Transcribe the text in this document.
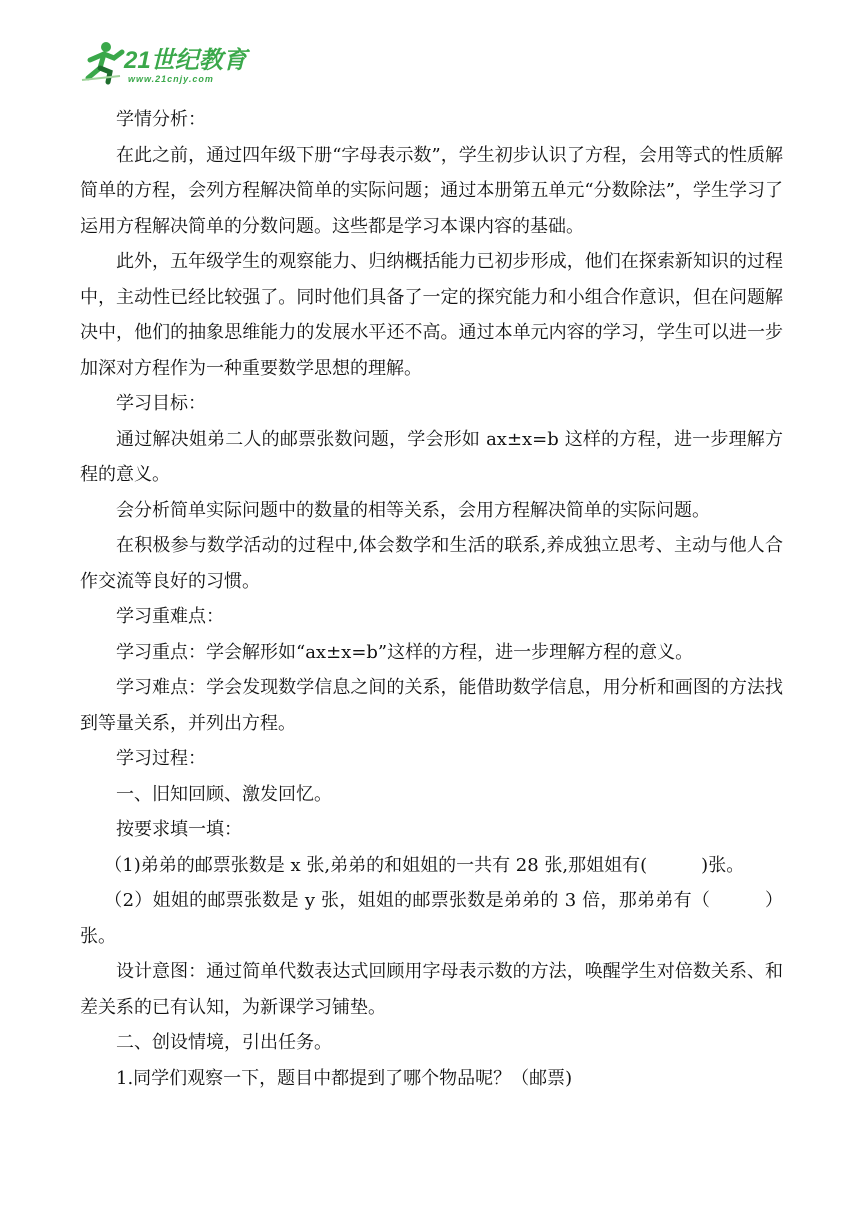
21世纪教育
www.21cnjy.com

学情分析：

在此之前，通过四年级下册“字母表示数”，学生初步认识了方程，会用等式的性质解简单的方程，会列方程解决简单的实际问题；通过本册第五单元“分数除法”，学生学习了运用方程解决简单的分数问题。这些都是学习本课内容的基础。

此外，五年级学生的观察能力、归纳概括能力已初步形成，他们在探索新知识的过程中，主动性已经比较强了。同时他们具备了一定的探究能力和小组合作意识，但在问题解决中，他们的抽象思维能力的发展水平还不高。通过本单元内容的学习，学生可以进一步加深对方程作为一种重要数学思想的理解。

学习目标：

通过解决姐弟二人的邮票张数问题，学会形如 ax±x=b 这样的方程，进一步理解方程的意义。

会分析简单实际问题中的数量的相等关系，会用方程解决简单的实际问题。

在积极参与数学活动的过程中,体会数学和生活的联系,养成独立思考、主动与他人合作交流等良好的习惯。

学习重难点：

学习重点：学会解形如“ax±x=b”这样的方程，进一步理解方程的意义。

学习难点：学会发现数学信息之间的关系，能借助数学信息，用分析和画图的方法找到等量关系，并列出方程。

学习过程：

一、旧知回顾、激发回忆。

按要求填一填：

（1)弟弟的邮票张数是 x 张,弟弟的和姐姐的一共有 28 张,那姐姐有(　　　)张。

（2）姐姐的邮票张数是 y 张，姐姐的邮票张数是弟弟的 3 倍，那弟弟有（　　　）张。

设计意图：通过简单代数表达式回顾用字母表示数的方法，唤醒学生对倍数关系、和差关系的已有认知，为新课学习铺垫。

二、创设情境，引出任务。

1.同学们观察一下，题目中都提到了哪个物品呢？（邮票)
